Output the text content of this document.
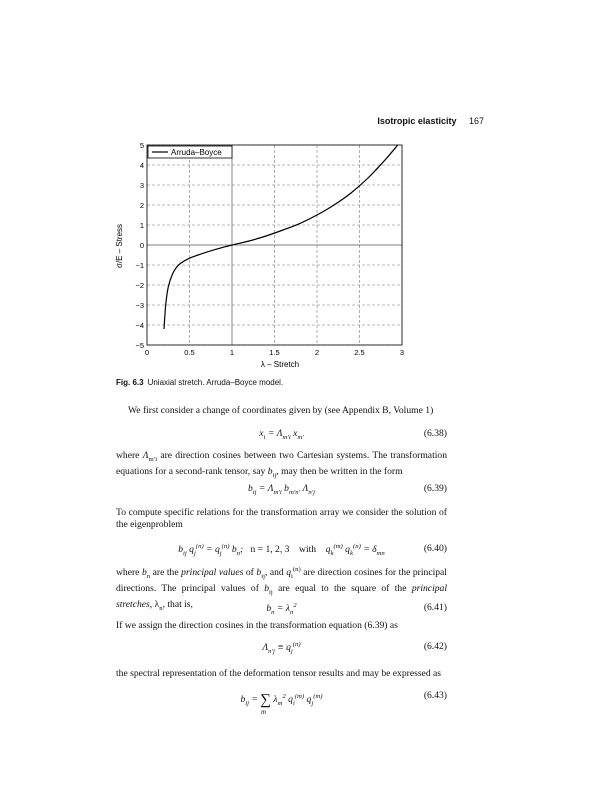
Isotropic elasticity 167
0	0.5	1	1.5	2	2.5	3
−5
−4
−3
−2
−1
0
1
2
3
4
5
Arruda–Boyce
λ – Stretch
σ/E – Stress
Fig. 6.3 Uniaxial stretch. Arruda–Boyce model.
We first consider a change of coordinates given by (see Appendix B, Volume 1)
$x_i = \Lambda_{m'i}$ $x_{m'}$	(6.38)
where $\Lambda_{m'i}$ are direction cosines between two Cartesian systems. The transformation equations for a second-rank tensor, say $b_{ij}$, may then be written in the form
$b_{ij} = \Lambda_{m'i}$ $b_{m'n'}$ $\Lambda_{n'j}$	(6.39)
To compute specific relations for the transformation array we consider the solution of the eigenproblem
$b_{ij}$ $q_j^{(n)} = q_j^{(n)}$ $b_n$;   n = 1, 2, 3    with    $q_k^{(m)}$ $q_k^{(n)} = \delta_{mn}$	(6.40)
where $b_n$ are the principal values of $b_{ij}$, and $q_i^{(n)}$ are direction cosines for the principal directions. The principal values of $b_{ij}$ are equal to the square of the principal stretches, $\lambda_n$, that is,	$b_n = \lambda_n^2$	(6.41)
If we assign the direction cosines in the transformation equation (6.39) as
$\Lambda_{n'j} \equiv q_j^{(n)}$	(6.42)
the spectral representation of the deformation tensor results and may be expressed as
$b_{ij}$ = ∑
m
$\lambda_m^2$ $q_i^{(m)}$ $q_j^{(m)}$	(6.43)
